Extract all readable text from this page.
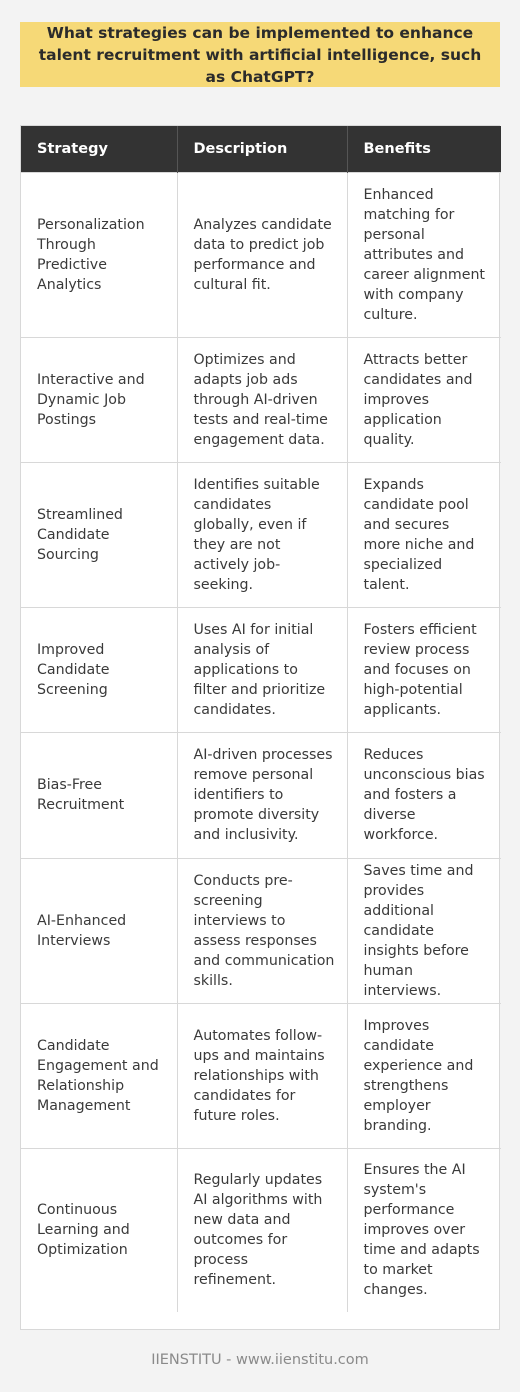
What strategies can be implemented to enhance talent recruitment with artificial intelligence, such as ChatGPT?
Strategy	Description	Benefits
Personalization Through Predictive Analytics	Analyzes candidate data to predict job performance and cultural fit.	Enhanced matching for personal attributes and career alignment with company culture.
Interactive and Dynamic Job Postings	Optimizes and adapts job ads through AI-driven tests and real-time engagement data.	Attracts better candidates and improves application quality.
Streamlined Candidate Sourcing	Identifies suitable candidates globally, even if they are not actively job-seeking.	Expands candidate pool and secures more niche and specialized talent.
Improved Candidate Screening	Uses AI for initial analysis of applications to filter and prioritize candidates.	Fosters efficient review process and focuses on high-potential applicants.
Bias-Free Recruitment	AI-driven processes remove personal identifiers to promote diversity and inclusivity.	Reduces unconscious bias and fosters a diverse workforce.
AI-Enhanced Interviews	Conducts pre-screening interviews to assess responses and communication skills.	Saves time and provides additional candidate insights before human interviews.
Candidate Engagement and Relationship Management	Automates follow-ups and maintains relationships with candidates for future roles.	Improves candidate experience and strengthens employer branding.
Continuous Learning and Optimization	Regularly updates AI algorithms with new data and outcomes for process refinement.	Ensures the AI system's performance improves over time and adapts to market changes.
IIENSTITU - www.iienstitu.com
